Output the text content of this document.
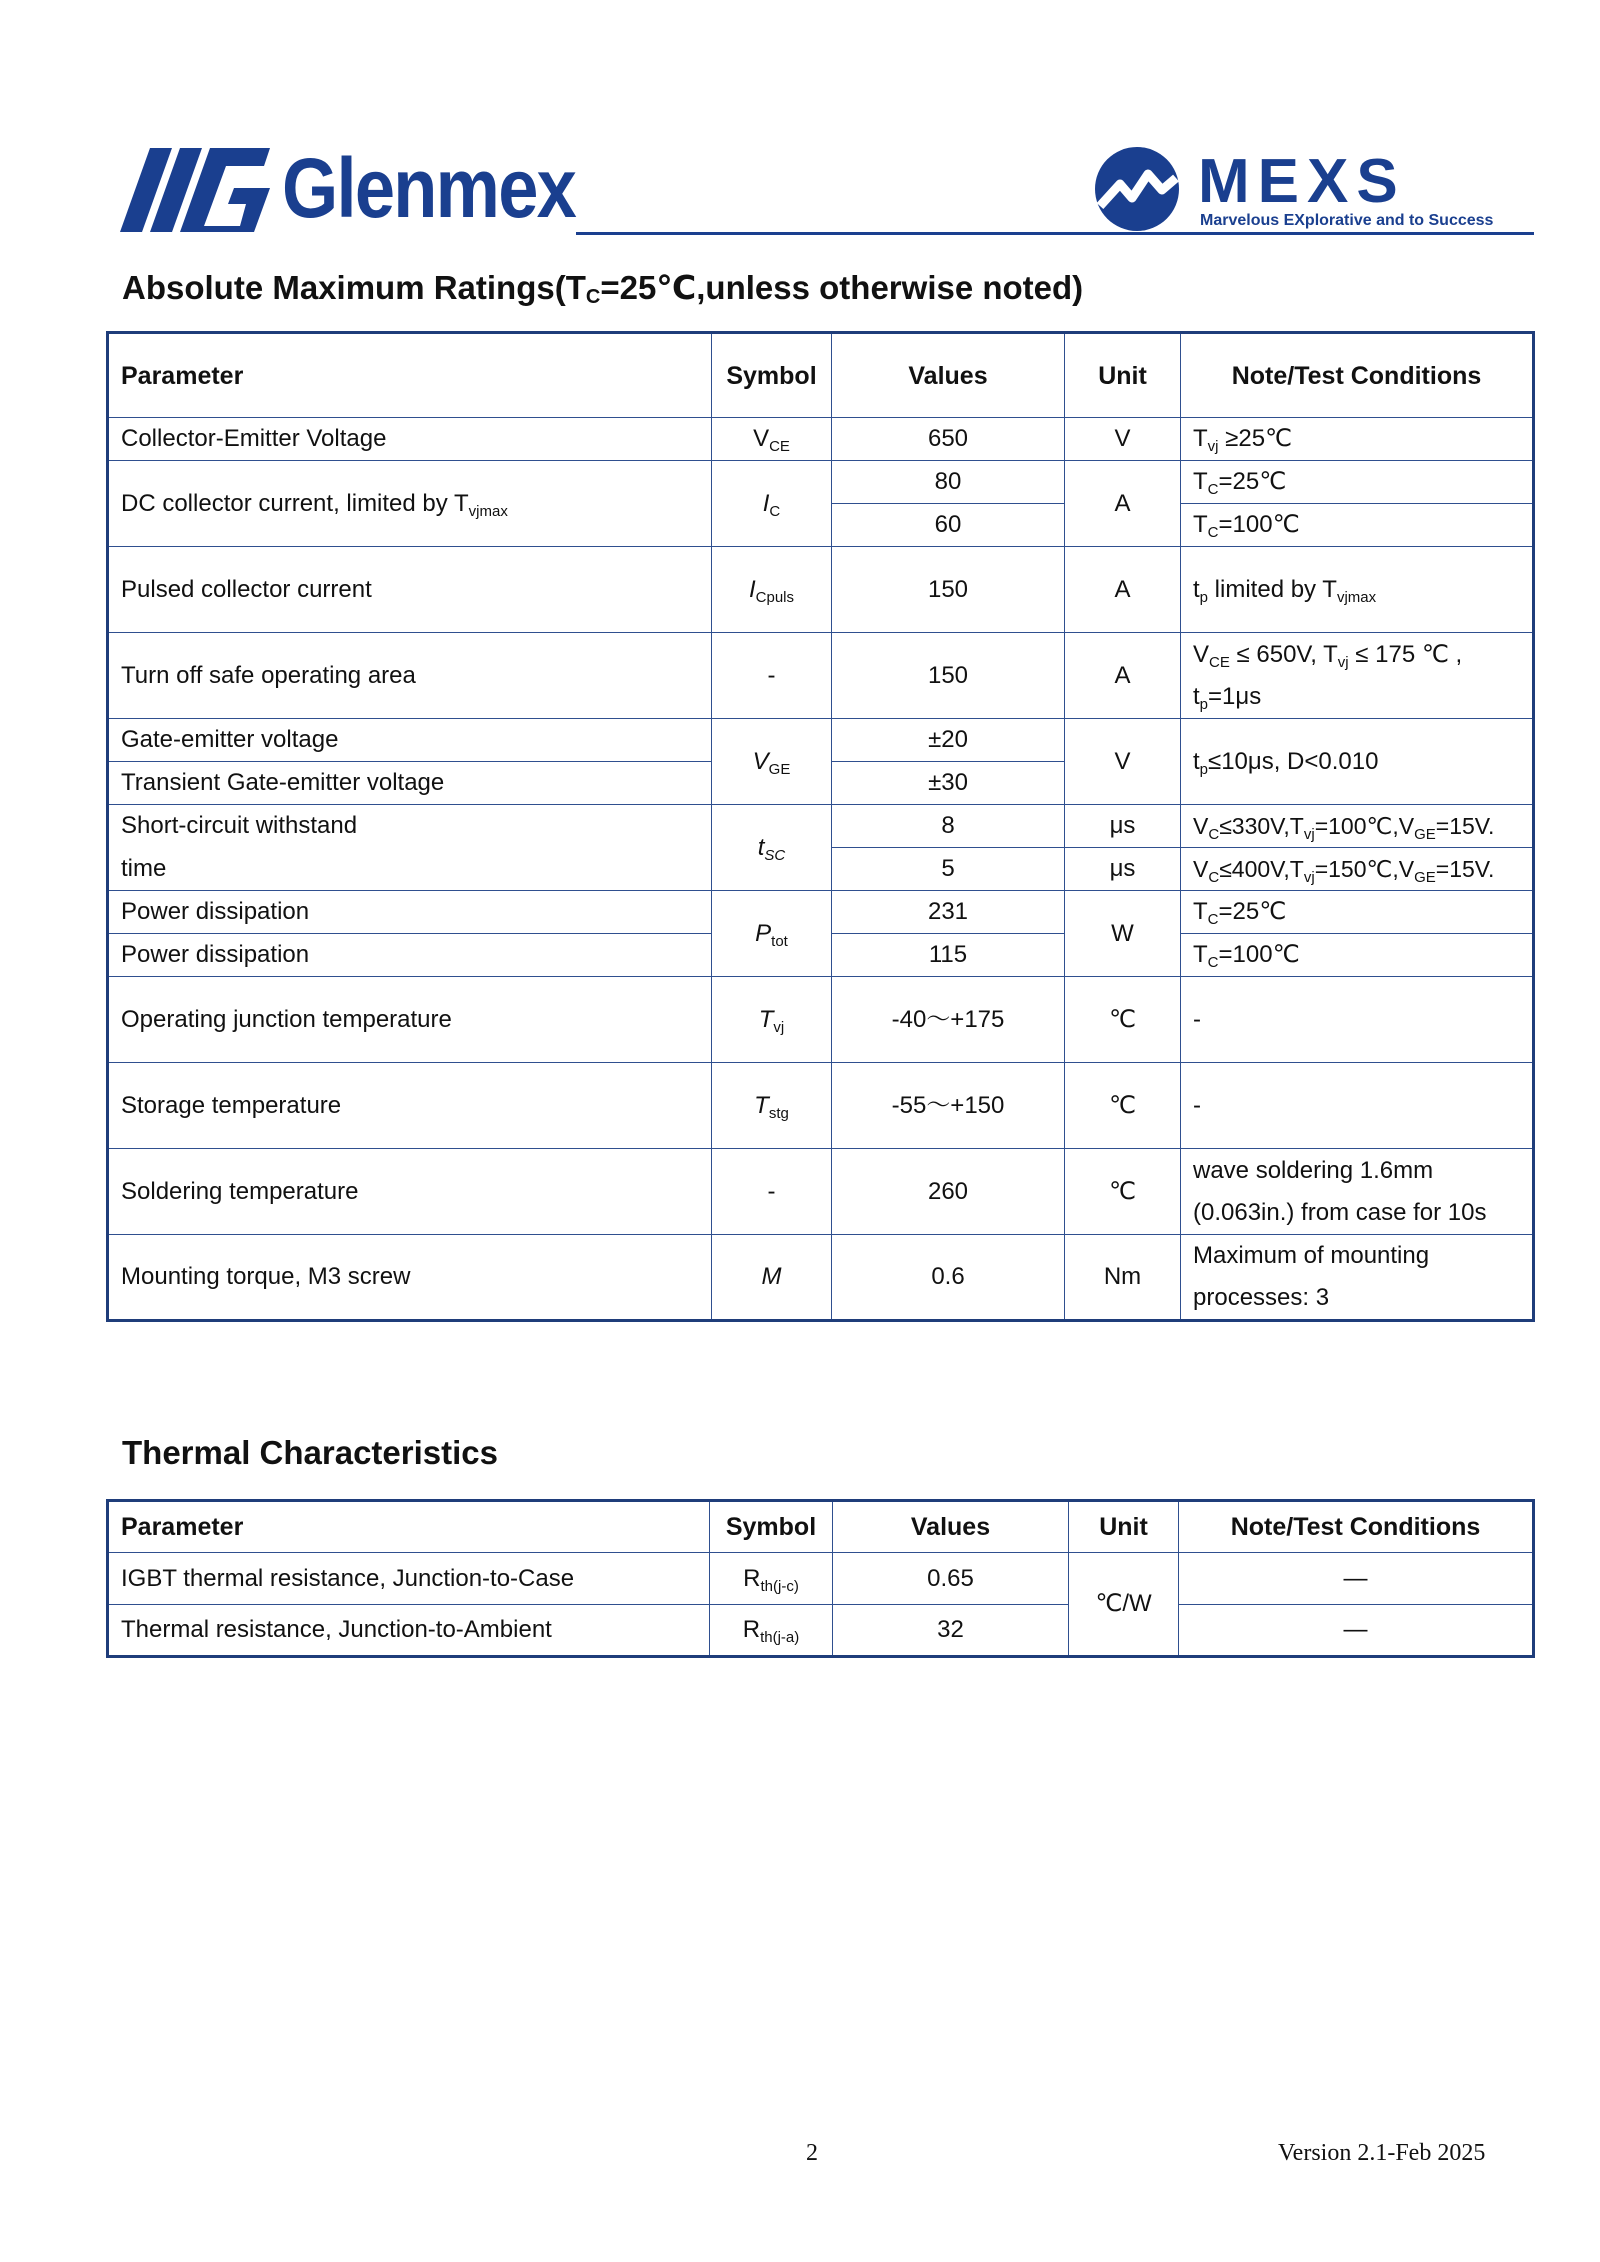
Glenmex	MEXS
Marvelous EXplorative and to Success
Absolute Maximum $Ratings(T_C=25℃,unless$ otherwise noted)
Parameter	Symbol	Values	Unit	Note/Test Conditions
Collector-Emitter Voltage	$V_{CE}$	650	V	$T_{vj}$ ≥25℃
DC collector current, limited by $T_{vjmax}$	$I_C$	80	A	$T_C=25℃$
		60		$T_C=100℃$
Pulsed collector current	$I_{Cpuls}$	150	A	$t_p$ limited by $T_{vjmax}$
Turn off safe operating area	-	150	A	$V_{CE} \le 650V$, $T_{vj} \le 175$ ℃ ,
$t_p=1\mu s$

Gate-emitter voltage	$V_{GE}$	±20	V	$t_p\le 10\mu s$, D<0.010
Transient Gate-emitter voltage		±30		
Short-circuit withstand	$t_{SC}$	8	μs	$V_C\le 330V,T_{vj}=100℃,V_{GE}=15V$.
time		5	μs	$V_C\le 400V,T_{vj}=150℃,V_{GE}=15V$.
Power dissipation	$P_{tot}$	231	W	$T_C=25℃$
Power dissipation		115		$T_C=100℃$
Operating junction temperature	$T_{vj}$	-40～+175	℃	-
Storage temperature	$T_{stg}$	-55～+150	℃	-
Soldering temperature	-	260	℃	wave soldering 1.6mm
(0.063in.) from case for 10s

Mounting torque, M3 screw	M	0.6	Nm	Maximum of mounting
processes: 3
Thermal Characteristics
Parameter	Symbol	Values	Unit	Note/Test Conditions
IGBT thermal resistance, Junction-to-Case	$R_{th(j-c)}$	0.65	℃/W	—
Thermal resistance, Junction-to-Ambient	$R_{th(j-a)}$	32		—
2	Version 2.1-Feb 2025
